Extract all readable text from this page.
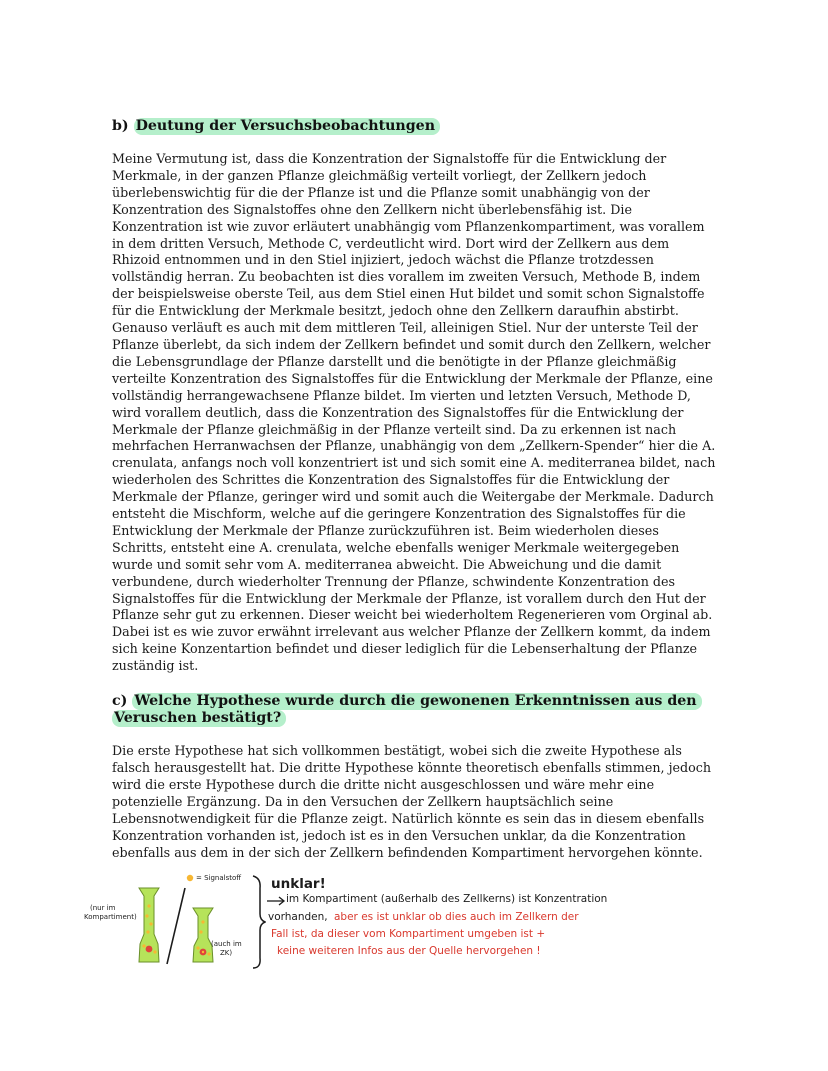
b) Deutung der Versuchsbeobachtungen

Meine Vermutung ist, dass die Konzentration der Signalstoffe für die Entwicklung der Merkmale, in der ganzen Pflanze gleichmäßig verteilt vorliegt, der Zellkern jedoch überlebenswichtig für die der Pflanze ist und die Pflanze somit unabhängig von der Konzentration des Signalstoffes ohne den Zellkern nicht überlebensfähig ist. Die Konzentration ist wie zuvor erläutert unabhängig vom Pflanzenkompartiment, was vorallem in dem dritten Versuch, Methode C, verdeutlicht wird. Dort wird der Zellkern aus dem Rhizoid entnommen und in den Stiel injiziert, jedoch wächst die Pflanze trotzdessen vollständig herran. Zu beobachten ist dies vorallem im zweiten Versuch, Methode B, indem der beispielsweise oberste Teil, aus dem Stiel einen Hut bildet und somit schon Signalstoffe für die Entwicklung der Merkmale besitzt, jedoch ohne den Zellkern daraufhin abstirbt. Genauso verläuft es auch mit dem mittleren Teil, alleinigen Stiel. Nur der unterste Teil der Pflanze überlebt, da sich indem der Zellkern befindet und somit durch den Zellkern, welcher die Lebensgrundlage der Pflanze darstellt und die benötigte in der Pflanze gleichmäßig verteilte Konzentration des Signalstoffes für die Entwicklung der Merkmale der Pflanze, eine vollständig herrangewachsene Pflanze bildet. Im vierten und letzten Versuch, Methode D, wird vorallem deutlich, dass die Konzentration des Signalstoffes für die Entwicklung der Merkmale der Pflanze gleichmäßig in der Pflanze verteilt sind. Da zu erkennen ist nach mehrfachen Herranwachsen der Pflanze, unabhängig von dem „Zellkern-Spender“ hier die A. crenulata, anfangs noch voll konzentriert ist und sich somit eine A. mediterranea bildet, nach wiederholen des Schrittes die Konzentration des Signalstoffes für die Entwicklung der Merkmale der Pflanze, geringer wird und somit auch die Weitergabe der Merkmale. Dadurch entsteht die Mischform, welche auf die geringere Konzentration des Signalstoffes für die Entwicklung der Merkmale der Pflanze zurückzuführen ist. Beim wiederholen dieses Schritts, entsteht eine A. crenulata, welche ebenfalls weniger Merkmale weitergegeben wurde und somit sehr vom A. mediterranea abweicht. Die Abweichung und die damit verbundene, durch wiederholter Trennung der Pflanze, schwindente Konzentration des Signalstoffes für die Entwicklung der Merkmale der Pflanze, ist vorallem durch den Hut der Pflanze sehr gut zu erkennen. Dieser weicht bei wiederholtem Regenerieren vom Orginal ab. Dabei ist es wie zuvor erwähnt irrelevant aus welcher Pflanze der Zellkern kommt, da indem sich keine Konzentartion befindet und dieser lediglich für die Lebenserhaltung der Pflanze zuständig ist.

c) Welche Hypothese wurde durch die gewonenen Erkenntnissen aus den Veruschen bestätigt?

Die erste Hypothese hat sich vollkommen bestätigt, wobei sich die zweite Hypothese als falsch herausgestellt hat. Die dritte Hypothese könnte theoretisch ebenfalls stimmen, jedoch wird die erste Hypothese durch die dritte nicht ausgeschlossen und wäre mehr eine potenzielle Ergänzung. Da in den Versuchen der Zellkern hauptsächlich seine Lebensnotwendigkeit für die Pflanze zeigt. Natürlich könnte es sein das in diesem ebenfalls Konzentration vorhanden ist, jedoch ist es in den Versuchen unklar, da die Konzentration ebenfalls aus dem in der sich der Zellkern befindenden Kompartiment hervorgehen könnte.

= Signalstoff
(nur im
Kompartiment)
(auch im
ZK)
unklar!
im Kompartiment (außerhalb des Zellkerns) ist Konzentration
vorhanden, aber es ist unklar ob dies auch im Zellkern der
Fall ist, da dieser vom Kompartiment umgeben ist +
keine weiteren Infos aus der Quelle hervorgehen !
